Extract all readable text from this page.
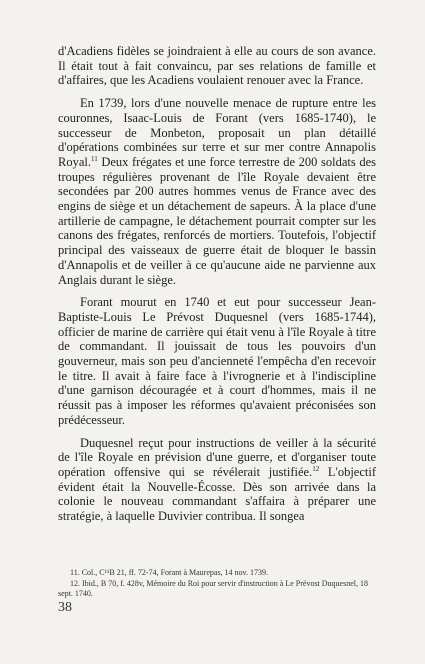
d'Acadiens fidèles se joindraient à elle au cours de son avance. Il était tout à fait convaincu, par ses relations de famille et d'affaires, que les Acadiens voulaient renouer avec la France.

En 1739, lors d'une nouvelle menace de rupture entre les couronnes, Isaac-Louis de Forant (vers 1685-1740), le successeur de Monbeton, proposait un plan détaillé d'opérations combinées sur terre et sur mer contre Annapolis Royal.$^{11}$ Deux frégates et une force terrestre de 200 soldats des troupes régulières provenant de l'île Royale devaient être secondées par 200 autres hommes venus de France avec des engins de siège et un détachement de sapeurs. À la place d'une artillerie de campagne, le détachement pourrait compter sur les canons des frégates, renforcés de mortiers. Toutefois, l'objectif principal des vaisseaux de guerre était de bloquer le bassin d'Annapolis et de veiller à ce qu'aucune aide ne parvienne aux Anglais durant le siège.

Forant mourut en 1740 et eut pour successeur Jean-Baptiste-Louis Le Prévost Duquesnel (vers 1685-1744), officier de marine de carrière qui était venu à l'île Royale à titre de commandant. Il jouissait de tous les pouvoirs d'un gouverneur, mais son peu d'ancienneté l'empêcha d'en recevoir le titre. Il avait à faire face à l'ivrognerie et à l'indiscipline d'une garnison découragée et à court d'hommes, mais il ne réussit pas à imposer les réformes qu'avaient préconisées son prédécesseur.

Duquesnel reçut pour instructions de veiller à la sécurité de l'île Royale en prévision d'une guerre, et d'organiser toute opération offensive qui se révélerait justifiée.$^{12}$ L'objectif évident était la Nouvelle-Écosse. Dès son arrivée dans la colonie le nouveau commandant s'affaira à préparer une stratégie, à laquelle Duvivier contribua. Il songea

11. Col., C¹¹B 21, ff. 72-74, Forant à Maurepas, 14 nov. 1739.

12. Ibid., B 70, f. 428v, Mémoire du Roi pour servir d'instruction à Le Prévost Duquesnel, 18 sept. 1740.

38
